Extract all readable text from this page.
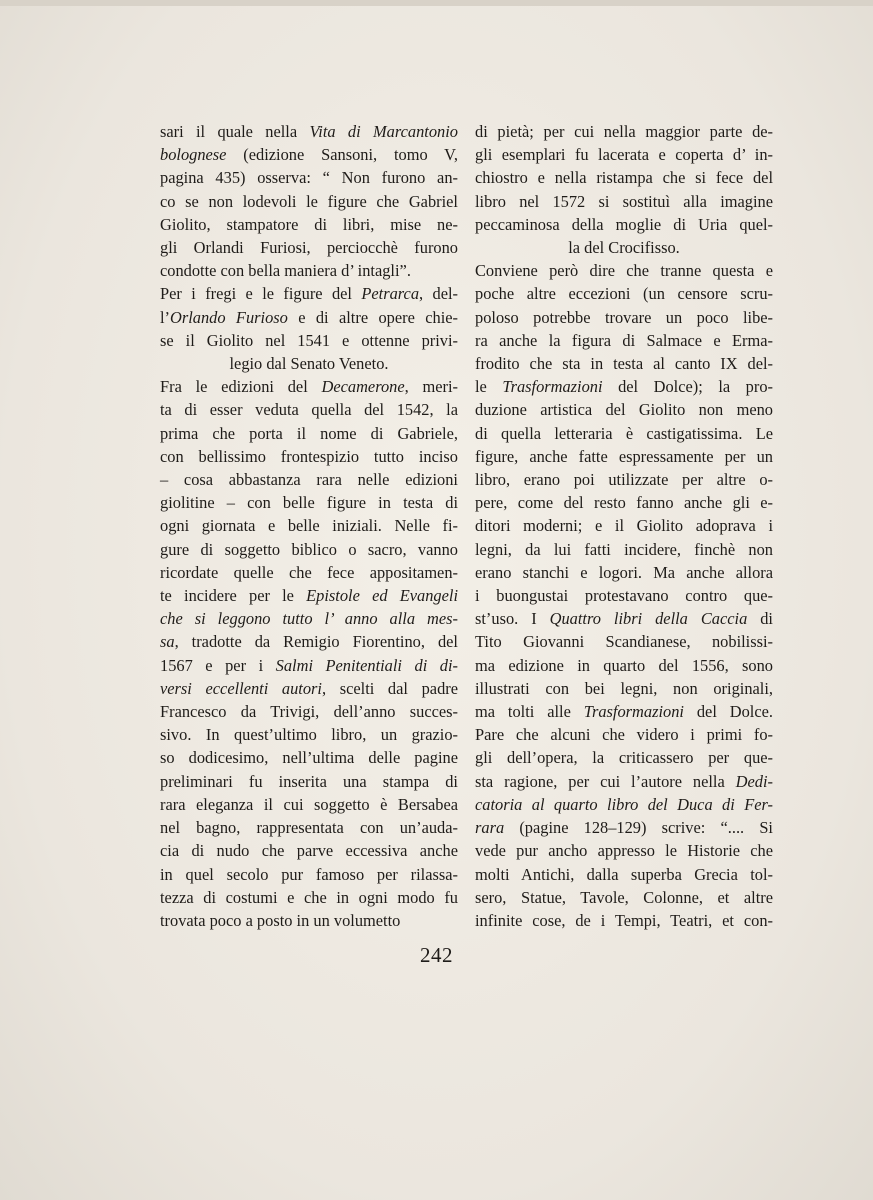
sari il quale nella Vita di Marcantonio
bolognese (edizione Sansoni, tomo V,
pagina 435) osserva: “ Non furono an-
co se non lodevoli le figure che Gabriel
Giolito, stampatore di libri, mise ne-
gli Orlandi Furiosi, perciocchè furono
condotte con bella maniera d’ intagli”.
Per i fregi e le figure del Petrarca, del-
l’Orlando Furioso e di altre opere chie-
se il Giolito nel 1541 e ottenne privi-
legio dal Senato Veneto.
Fra le edizioni del Decamerone, meri-
ta di esser veduta quella del 1542, la
prima che porta il nome di Gabriele,
con bellissimo frontespizio tutto inciso
– cosa abbastanza rara nelle edizioni
giolitine – con belle figure in testa di
ogni giornata e belle iniziali. Nelle fi-
gure di soggetto biblico o sacro, vanno
ricordate quelle che fece appositamen-
te incidere per le Epistole ed Evangeli
che si leggono tutto l’ anno alla mes-
sa, tradotte da Remigio Fiorentino, del
1567 e per i Salmi Penitentiali di di-
versi eccellenti autori, scelti dal padre
Francesco da Trivigi, dell’anno succes-
sivo. In quest’ultimo libro, un grazio-
so dodicesimo, nell’ultima delle pagine
preliminari fu inserita una stampa di
rara eleganza il cui soggetto è Bersabea
nel bagno, rappresentata con un’auda-
cia di nudo che parve eccessiva anche
in quel secolo pur famoso per rilassa-
tezza di costumi e che in ogni modo fu
trovata poco a posto in un volumetto
di pietà; per cui nella maggior parte de-
gli esemplari fu lacerata e coperta d’ in-
chiostro e nella ristampa che si fece del
libro nel 1572 si sostituì alla imagine
peccaminosa della moglie di Uria quel-
la del Crocifisso.
Conviene però dire che tranne questa e
poche altre eccezioni (un censore scru-
poloso potrebbe trovare un poco libe-
ra anche la figura di Salmace e Erma-
frodito che sta in testa al canto IX del-
le Trasformazioni del Dolce); la pro-
duzione artistica del Giolito non meno
di quella letteraria è castigatissima. Le
figure, anche fatte espressamente per un
libro, erano poi utilizzate per altre o-
pere, come del resto fanno anche gli e-
ditori moderni; e il Giolito adoprava i
legni, da lui fatti incidere, finchè non
erano stanchi e logori. Ma anche allora
i buongustai protestavano contro que-
st’uso. I Quattro libri della Caccia di
Tito Giovanni Scandianese, nobilissi-
ma edizione in quarto del 1556, sono
illustrati con bei legni, non originali,
ma tolti alle Trasformazioni del Dolce.
Pare che alcuni che videro i primi fo-
gli dell’opera, la criticassero per que-
sta ragione, per cui l’autore nella Dedi-
catoria al quarto libro del Duca di Fer-
rara (pagine 128–129) scrive: “.... Si
vede pur ancho appresso le Historie che
molti Antichi, dalla superba Grecia tol-
sero, Statue, Tavole, Colonne, et altre
infinite cose, de i Tempi, Teatri, et con-
242
